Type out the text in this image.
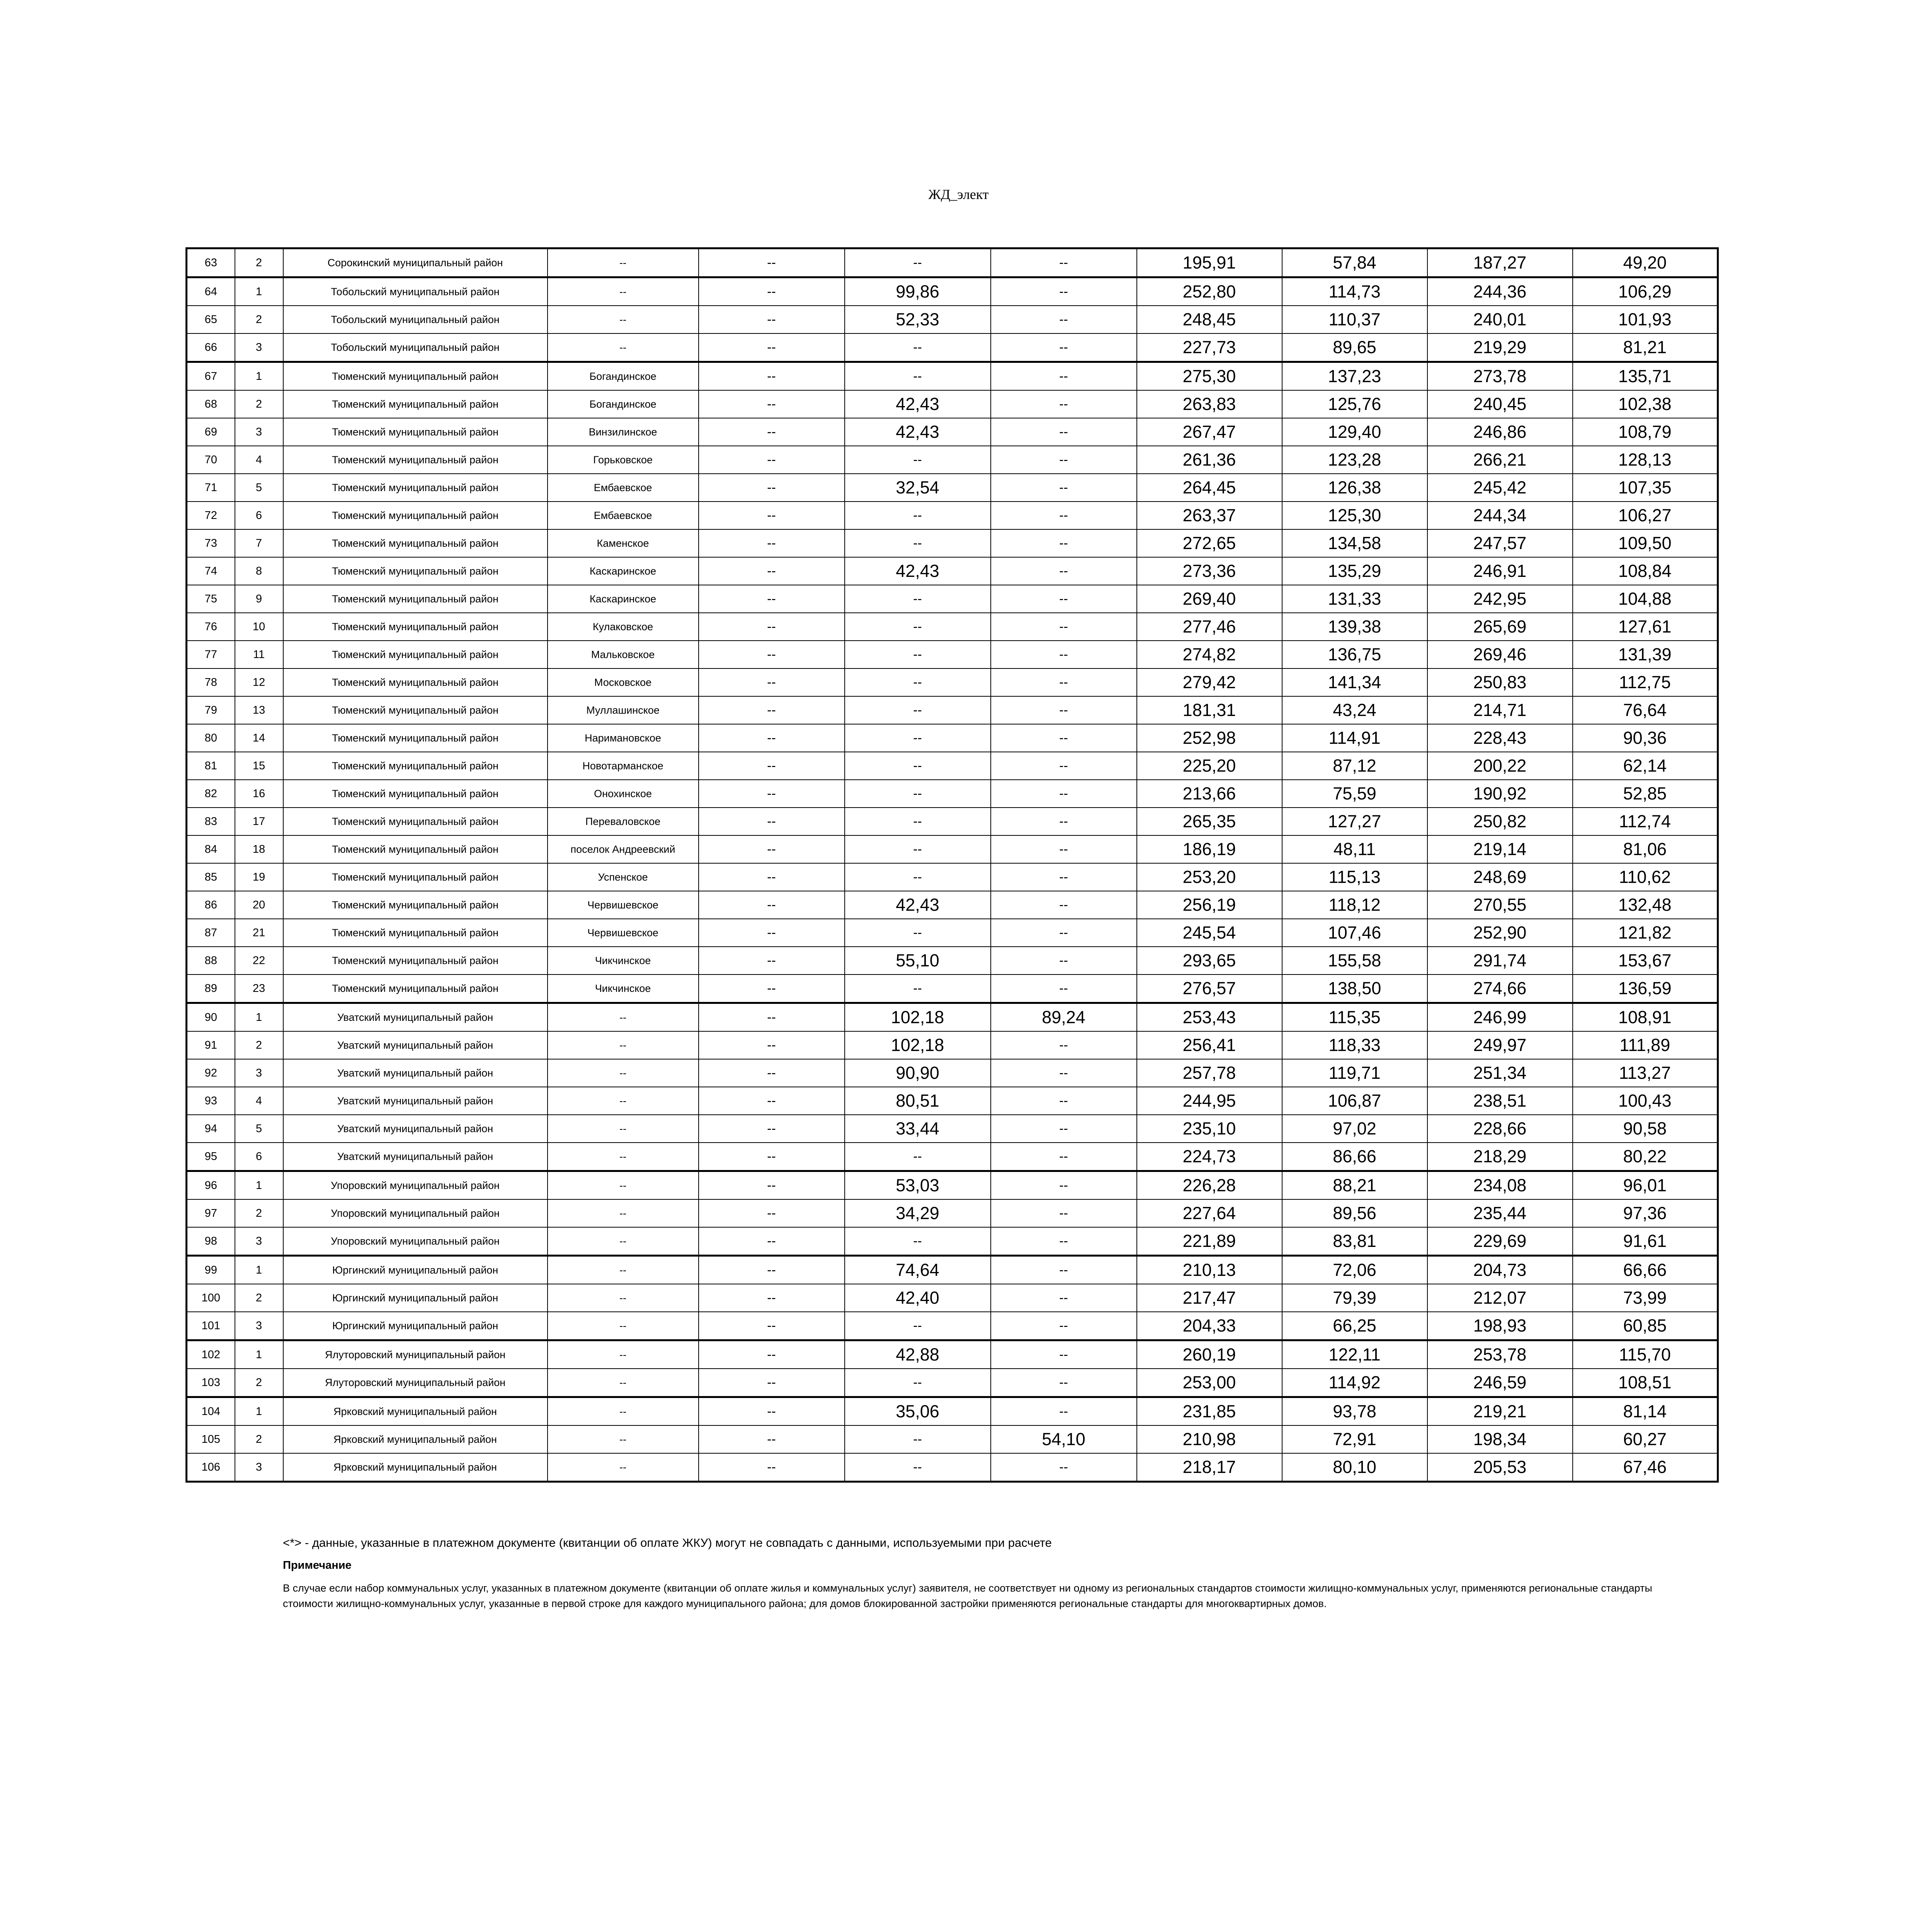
ЖД_элект
63	2	Сорокинский муниципальный район	--	--	--	--	195,91	57,84	187,27	49,20
64	1	Тобольский муниципальный район	--	--	99,86	--	252,80	114,73	244,36	106,29
65	2	Тобольский муниципальный район	--	--	52,33	--	248,45	110,37	240,01	101,93
66	3	Тобольский муниципальный район	--	--	--	--	227,73	89,65	219,29	81,21
67	1	Тюменский муниципальный район	Богандинское	--	--	--	275,30	137,23	273,78	135,71
68	2	Тюменский муниципальный район	Богандинское	--	42,43	--	263,83	125,76	240,45	102,38
69	3	Тюменский муниципальный район	Винзилинское	--	42,43	--	267,47	129,40	246,86	108,79
70	4	Тюменский муниципальный район	Горьковское	--	--	--	261,36	123,28	266,21	128,13
71	5	Тюменский муниципальный район	Ембаевское	--	32,54	--	264,45	126,38	245,42	107,35
72	6	Тюменский муниципальный район	Ембаевское	--	--	--	263,37	125,30	244,34	106,27
73	7	Тюменский муниципальный район	Каменское	--	--	--	272,65	134,58	247,57	109,50
74	8	Тюменский муниципальный район	Каскаринское	--	42,43	--	273,36	135,29	246,91	108,84
75	9	Тюменский муниципальный район	Каскаринское	--	--	--	269,40	131,33	242,95	104,88
76	10	Тюменский муниципальный район	Кулаковское	--	--	--	277,46	139,38	265,69	127,61
77	11	Тюменский муниципальный район	Мальковское	--	--	--	274,82	136,75	269,46	131,39
78	12	Тюменский муниципальный район	Московское	--	--	--	279,42	141,34	250,83	112,75
79	13	Тюменский муниципальный район	Муллашинское	--	--	--	181,31	43,24	214,71	76,64
80	14	Тюменский муниципальный район	Наримановское	--	--	--	252,98	114,91	228,43	90,36
81	15	Тюменский муниципальный район	Новотарманское	--	--	--	225,20	87,12	200,22	62,14
82	16	Тюменский муниципальный район	Онохинское	--	--	--	213,66	75,59	190,92	52,85
83	17	Тюменский муниципальный район	Переваловское	--	--	--	265,35	127,27	250,82	112,74
84	18	Тюменский муниципальный район	поселок Андреевский	--	--	--	186,19	48,11	219,14	81,06
85	19	Тюменский муниципальный район	Успенское	--	--	--	253,20	115,13	248,69	110,62
86	20	Тюменский муниципальный район	Червишевское	--	42,43	--	256,19	118,12	270,55	132,48
87	21	Тюменский муниципальный район	Червишевское	--	--	--	245,54	107,46	252,90	121,82
88	22	Тюменский муниципальный район	Чикчинское	--	55,10	--	293,65	155,58	291,74	153,67
89	23	Тюменский муниципальный район	Чикчинское	--	--	--	276,57	138,50	274,66	136,59
90	1	Уватский муниципальный район	--	--	102,18	89,24	253,43	115,35	246,99	108,91
91	2	Уватский муниципальный район	--	--	102,18	--	256,41	118,33	249,97	111,89
92	3	Уватский муниципальный район	--	--	90,90	--	257,78	119,71	251,34	113,27
93	4	Уватский муниципальный район	--	--	80,51	--	244,95	106,87	238,51	100,43
94	5	Уватский муниципальный район	--	--	33,44	--	235,10	97,02	228,66	90,58
95	6	Уватский муниципальный район	--	--	--	--	224,73	86,66	218,29	80,22
96	1	Упоровский муниципальный район	--	--	53,03	--	226,28	88,21	234,08	96,01
97	2	Упоровский муниципальный район	--	--	34,29	--	227,64	89,56	235,44	97,36
98	3	Упоровский муниципальный район	--	--	--	--	221,89	83,81	229,69	91,61
99	1	Юргинский муниципальный район	--	--	74,64	--	210,13	72,06	204,73	66,66
100	2	Юргинский муниципальный район	--	--	42,40	--	217,47	79,39	212,07	73,99
101	3	Юргинский муниципальный район	--	--	--	--	204,33	66,25	198,93	60,85
102	1	Ялуторовский муниципальный район	--	--	42,88	--	260,19	122,11	253,78	115,70
103	2	Ялуторовский муниципальный район	--	--	--	--	253,00	114,92	246,59	108,51
104	1	Ярковский муниципальный район	--	--	35,06	--	231,85	93,78	219,21	81,14
105	2	Ярковский муниципальный район	--	--	--	54,10	210,98	72,91	198,34	60,27
106	3	Ярковский муниципальный район	--	--	--	--	218,17	80,10	205,53	67,46
<*> - данные, указанные в платежном документе (квитанции об оплате ЖКУ) могут не совпадать с данными, используемыми при расчете
Примечание
В случае если набор коммунальных услуг, указанных в платежном документе (квитанции об оплате жилья и коммунальных услуг) заявителя, не соответствует ни одному из региональных стандартов стоимости жилищно-коммунальных услуг, применяются региональные стандарты стоимости жилищно-коммунальных услуг, указанные в первой строке для каждого муниципального района; для домов блокированной застройки применяются региональные стандарты для многоквартирных домов.
